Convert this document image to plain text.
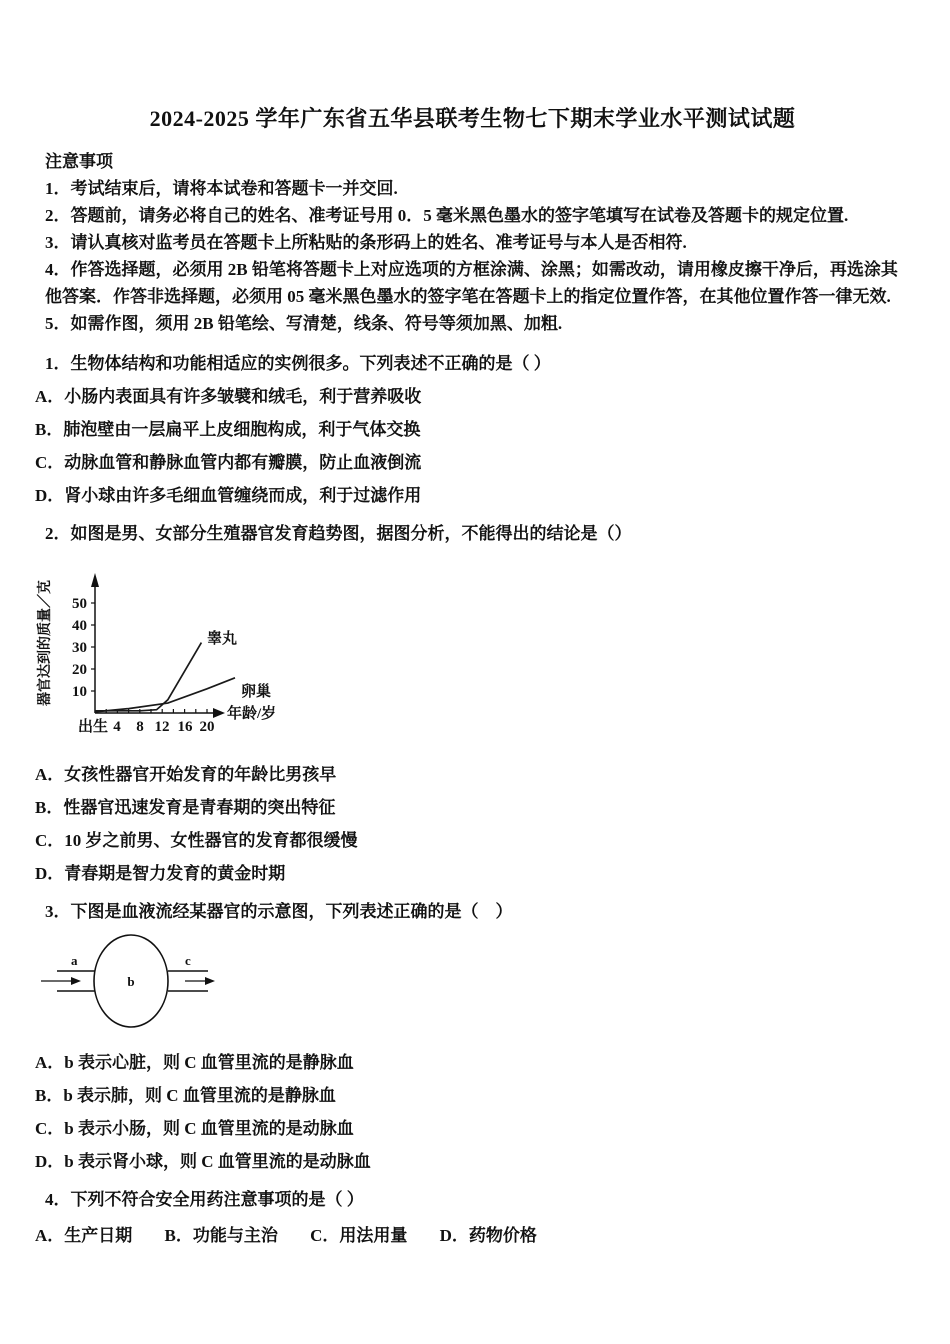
2024-2025 学年广东省五华县联考生物七下期末学业水平测试试题
注意事项

1．考试结束后，请将本试卷和答题卡一并交回.

2．答题前，请务必将自己的姓名、准考证号用 0．5 毫米黑色墨水的签字笔填写在试卷及答题卡的规定位置.

3．请认真核对监考员在答题卡上所粘贴的条形码上的姓名、准考证号与本人是否相符.

4．作答选择题，必须用 2B 铅笔将答题卡上对应选项的方框涂满、涂黑；如需改动，请用橡皮擦干净后，再选涂其他答案．作答非选择题，必须用 05 毫米黑色墨水的签字笔在答题卡上的指定位置作答，在其他位置作答一律无效.

5．如需作图，须用 2B 铅笔绘、写清楚，线条、符号等须加黑、加粗.

1．生物体结构和功能相适应的实例很多。下列表述不正确的是（ ）

A．小肠内表面具有许多皱襞和绒毛，利于营养吸收

B．肺泡壁由一层扁平上皮细胞构成，利于气体交换

C．动脉血管和静脉血管内都有瓣膜，防止血液倒流

D．肾小球由许多毛细血管缠绕而成，利于过滤作用

2．如图是男、女部分生殖器官发育趋势图，据图分析，不能得出的结论是（）

器官达到的质量／克
年龄/岁
50
40
30
20
10
出生 4 8 12 16 20
睾丸
卵巢

A．女孩性器官开始发育的年龄比男孩早

B．性器官迅速发育是青春期的突出特征

C．10 岁之前男、女性器官的发育都很缓慢

D．青春期是智力发育的黄金时期

3．下图是血液流经某器官的示意图，下列表述正确的是（　）

a
b
c

A．b 表示心脏，则 C 血管里流的是静脉血

B．b 表示肺，则 C 血管里流的是静脉血

C．b 表示小肠，则 C 血管里流的是动脉血

D．b 表示肾小球，则 C 血管里流的是动脉血

4．下列不符合安全用药注意事项的是（ ）

A．生产日期 B．功能与主治 C．用法用量 D．药物价格
